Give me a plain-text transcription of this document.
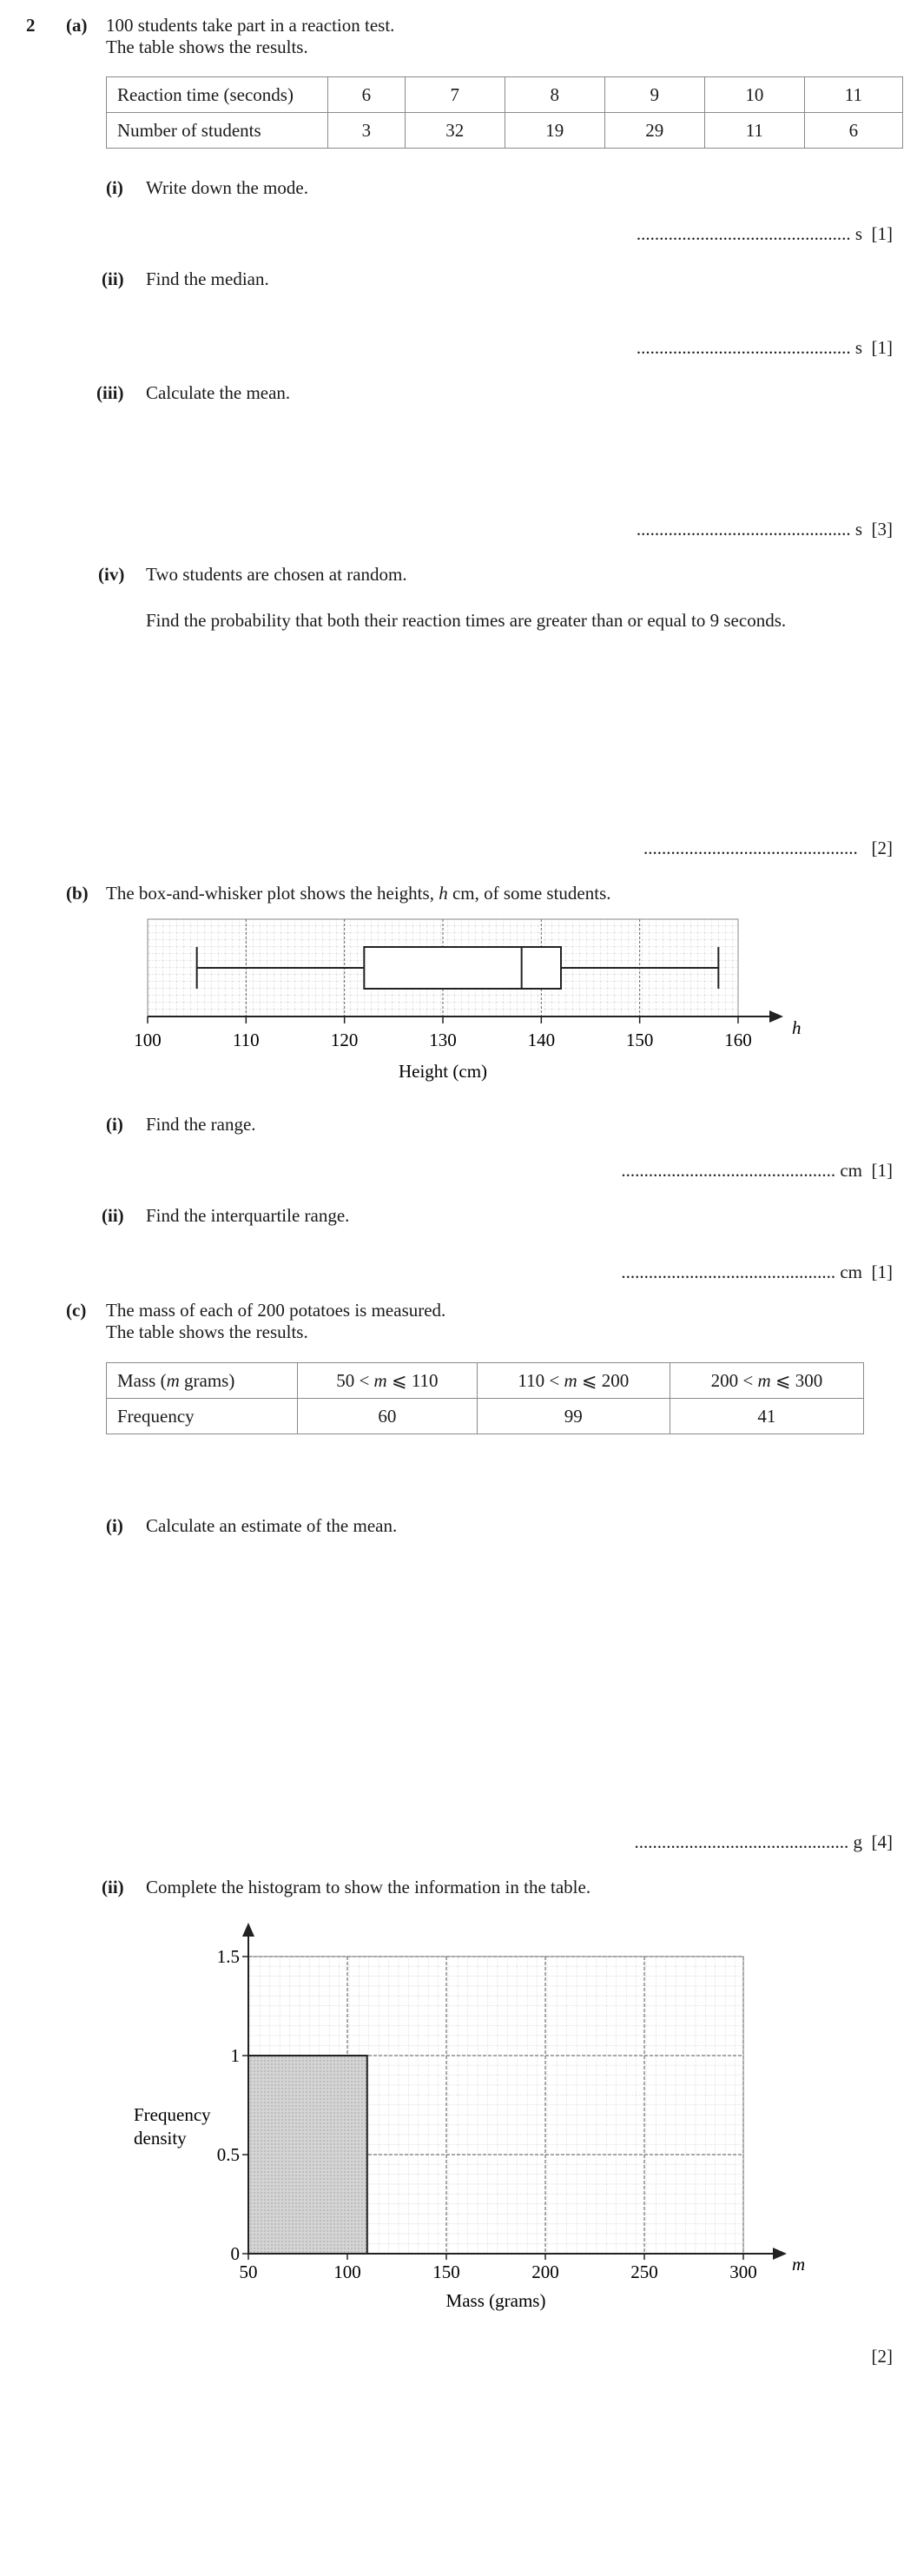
2 (a) 100 students take part in a reaction test.
The table shows the results.
Reaction time (seconds)	6	7	8	9	10	11
Number of students	3	32	19	29	11	6
(i) Write down the mode.
............................................... s [1]
(ii) Find the median.
............................................... s [1]
(iii) Calculate the mean.
............................................... s [3]
(iv) Two students are chosen at random.
Find the probability that both their reaction times are greater than or equal to 9 seconds.
............................................... [2]
(b) The box-and-whisker plot shows the heights, h cm, of some students.
100	110	120	130	140	150	160
h
Height (cm)
(i) Find the range.
............................................... cm [1]
(ii) Find the interquartile range.
............................................... cm [1]
(c) The mass of each of 200 potatoes is measured.
The table shows the results.
Mass (m grams)	50 < m ⩽ 110	110 < m ⩽ 200	200 < m ⩽ 300
Frequency	60	99	41
(i) Calculate an estimate of the mean.
............................................... g [4]
(ii) Complete the histogram to show the information in the table.
50	100	150	200	250	300
0
0.5
1
1.5
m
Mass (grams)
Frequency
density
[2]
